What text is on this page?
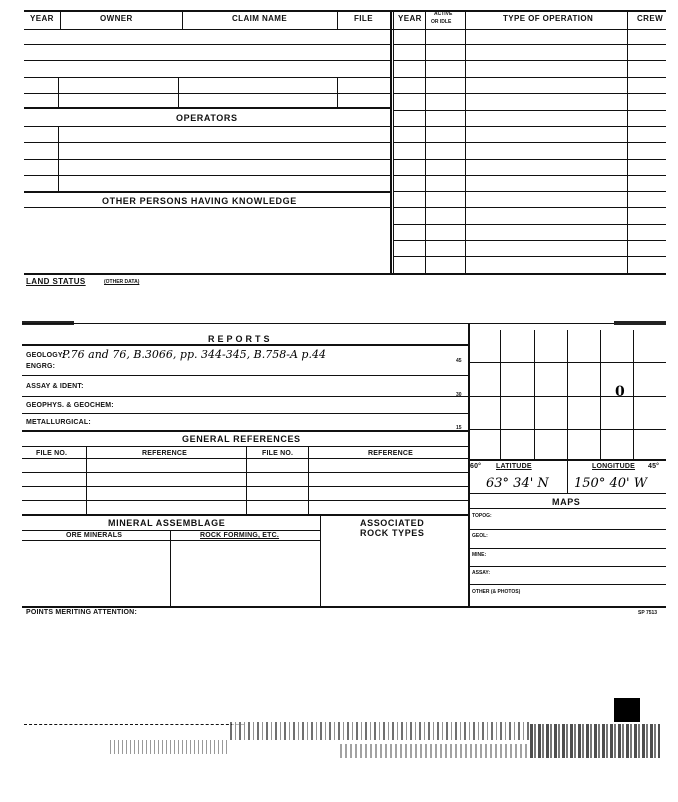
YEAR	OWNER	CLAIM NAME	FILE	YEAR ACTIVE
OR IDLE	TYPE OF OPERATION	CREW
OPERATORS
OTHER PERSONS HAVING KNOWLEDGE
LAND STATUS	(OTHER DATA)
REPORTS
GEOLOGY:
P.76 and 76, B.3066, pp. 344-345, B.758-A p.44
ENGRG:
ASSAY & IDENT:
GEOPHYS. & GEOCHEM:
METALLURGICAL:
45
30
15
GENERAL REFERENCES
FILE NO.	REFERENCE	FILE NO.	REFERENCE
MINERAL ASSEMBLAGE	ASSOCIATED
ROCK TYPES
ORE MINERALS	ROCK FORMING, ETC.
0
60° LATITUDE	LONGITUDE 45°
63° 34' N 150° 40' W
MAPS
TOPOG:
GEOL:
MINE:
ASSAY:
OTHER (& PHOTOS)
POINTS MERITING ATTENTION:	SP 7513
